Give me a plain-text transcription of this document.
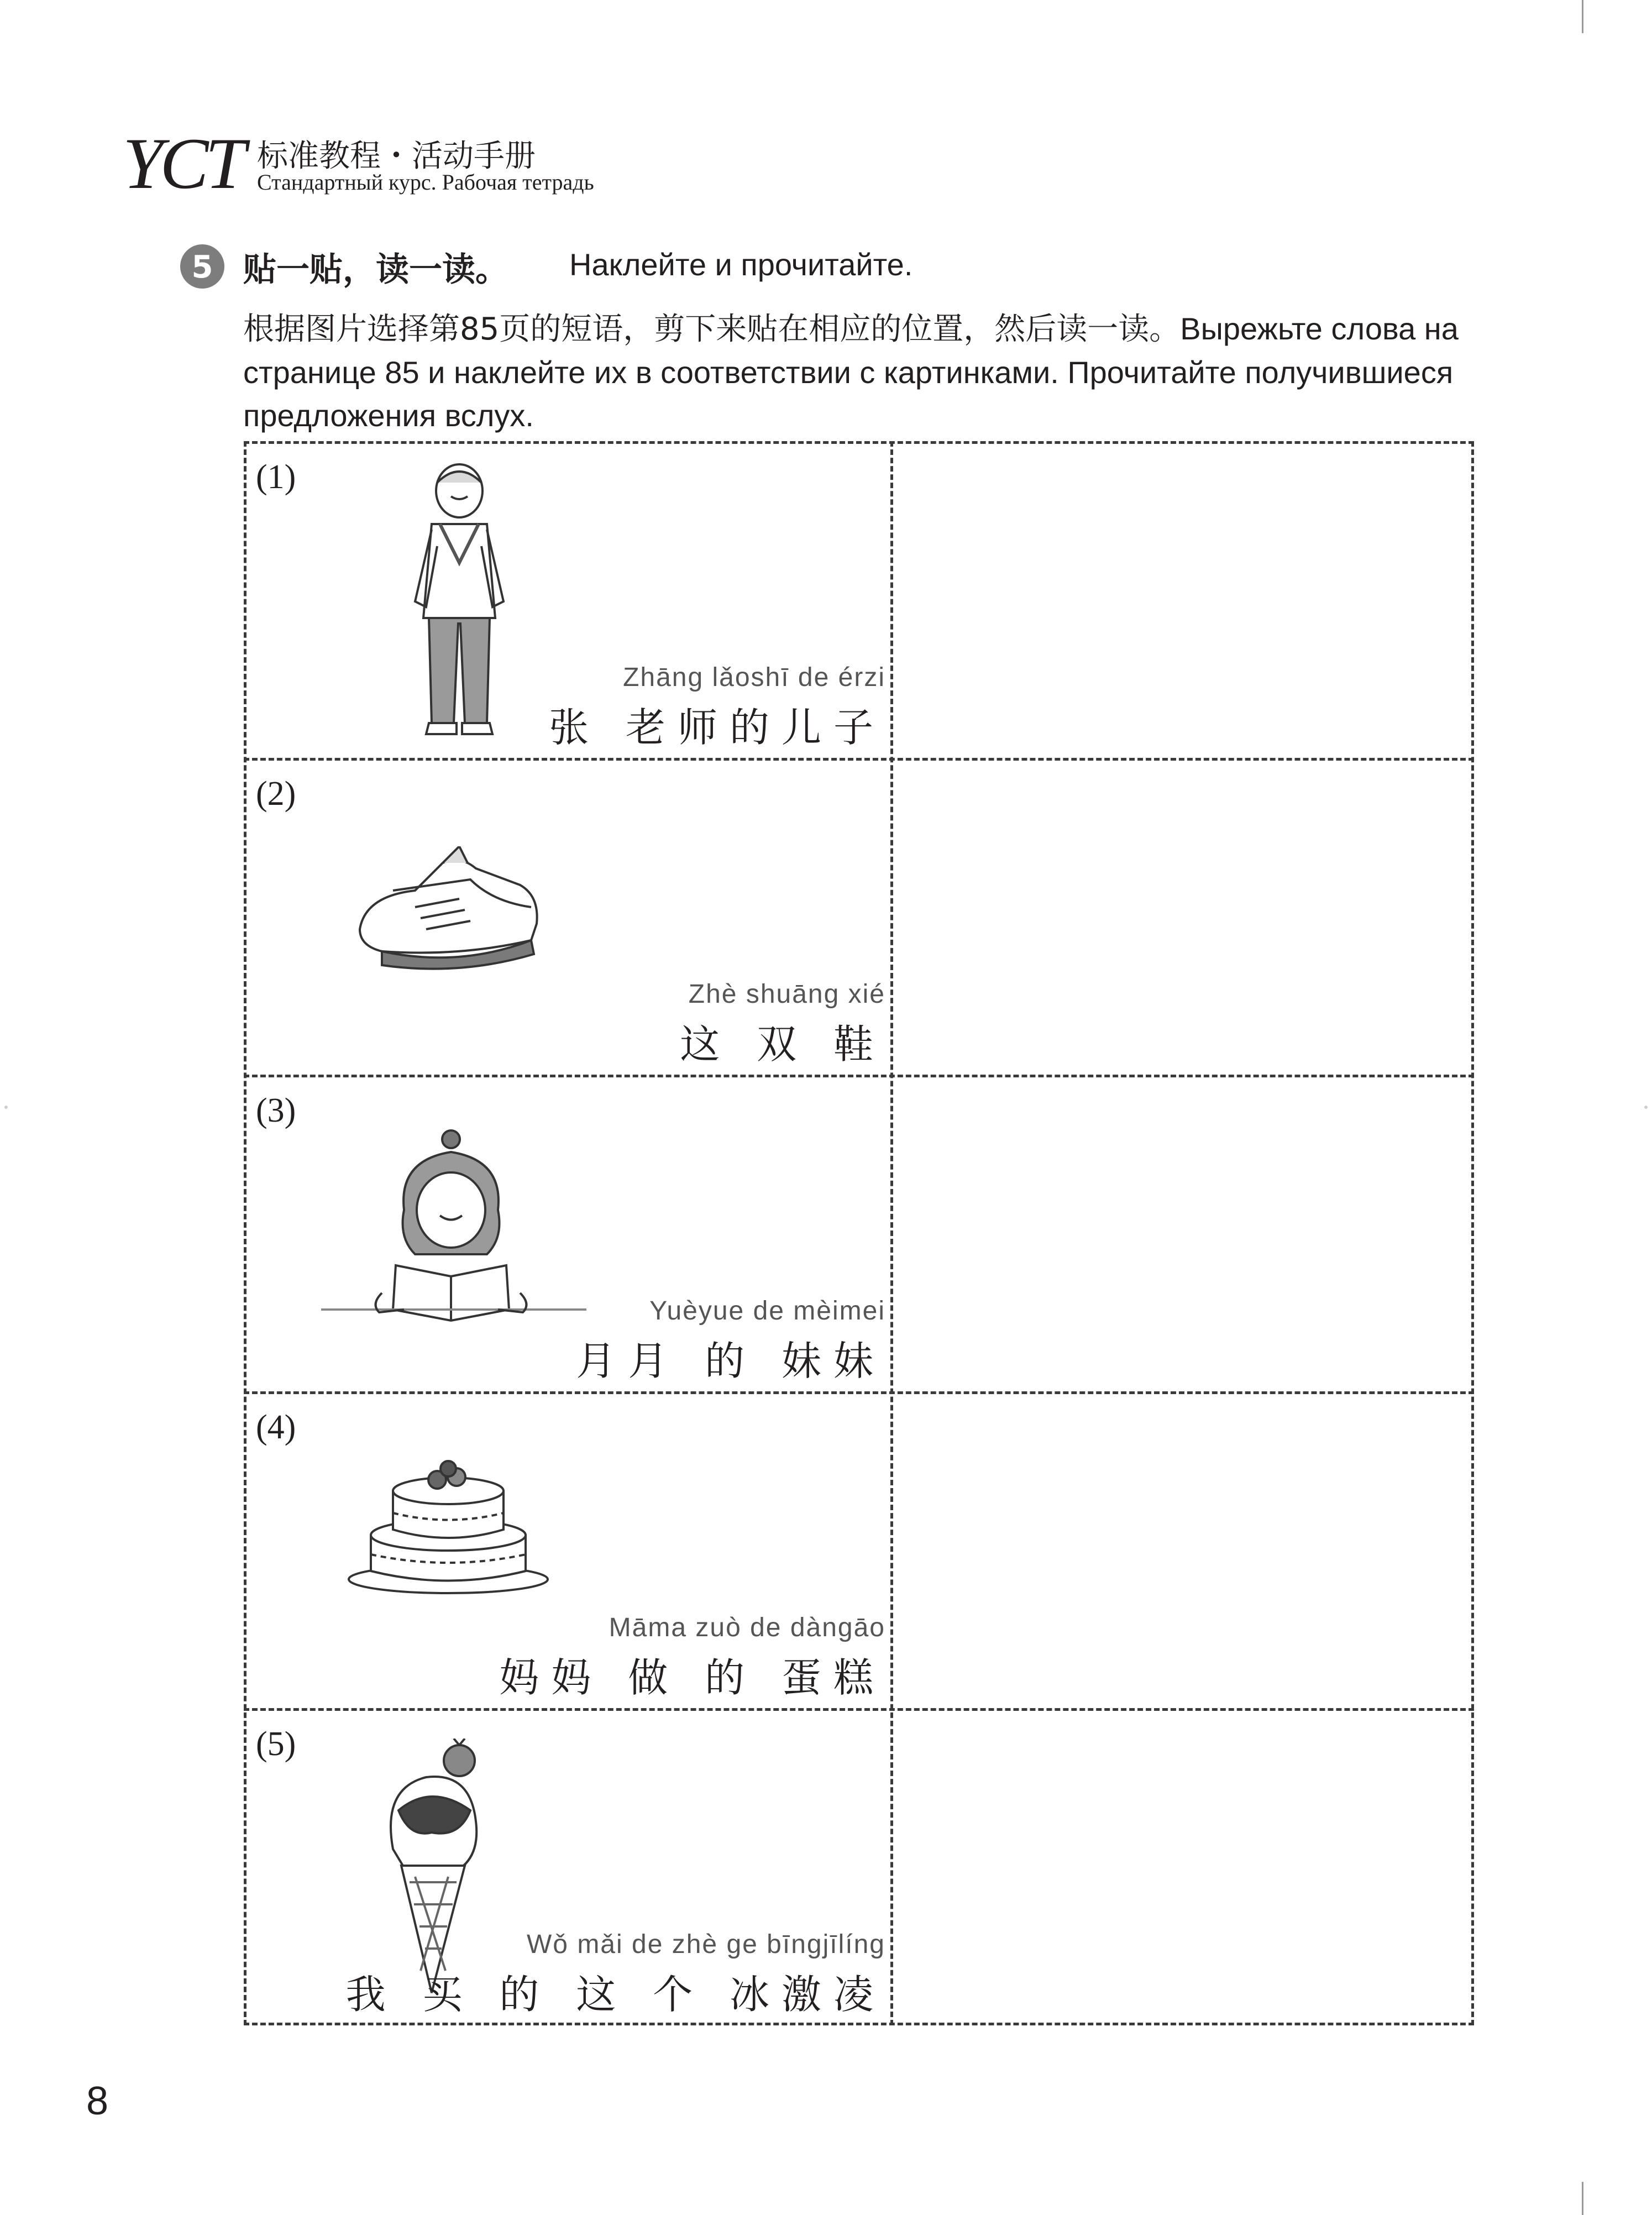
YCT 标准教程・活动手册
Стандартный курс. Рабочая тетрадь
5 贴一贴，读一读。 Наклейте и прочитайте.
根据图片选择第85页的短语，剪下来贴在相应的位置，然后读一读。Вырежьте слова на странице 85 и наклейте их в соответствии с картинками. Прочитайте получившиеся предложения вслух.
(1)
Zhāng lǎoshī de érzi
张 老师的儿子
(2)
Zhè shuāng xié
这 双 鞋
(3)
Yuèyue de mèimei
月月 的 妹妹
(4)
Māma zuò de dàngāo
妈妈 做 的 蛋糕
(5)
Wǒ mǎi de zhè ge bīngjīlíng
我 买 的 这 个 冰激凌
8
